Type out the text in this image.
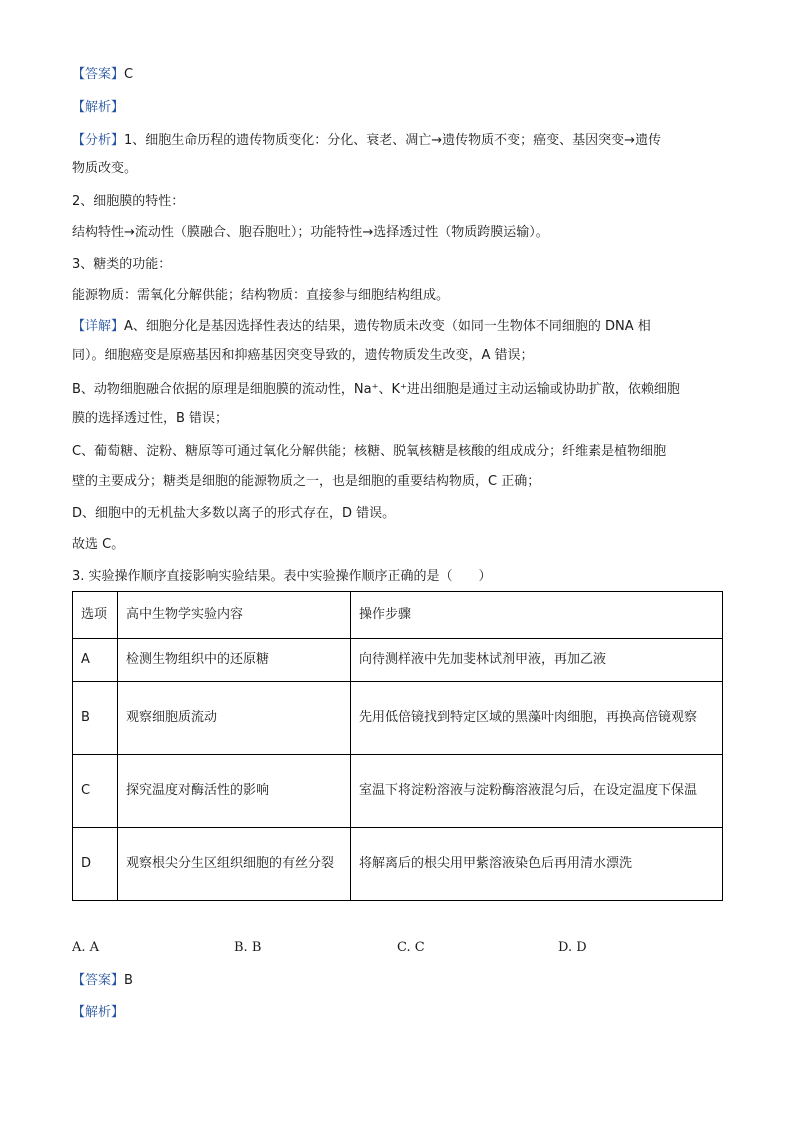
【答案】C
【解析】
【分析】1、细胞生命历程的遗传物质变化：分化、衰老、凋亡→遗传物质不变；癌变、基因突变→遗传
物质改变。
2、细胞膜的特性：
结构特性→流动性（膜融合、胞吞胞吐）；功能特性→选择透过性（物质跨膜运输）。
3、糖类的功能：
能源物质：需氧化分解供能；结构物质：直接参与细胞结构组成。
【详解】A、细胞分化是基因选择性表达的结果，遗传物质未改变（如同一生物体不同细胞的 DNA 相
同）。细胞癌变是原癌基因和抑癌基因突变导致的，遗传物质发生改变，A 错误；
B、动物细胞融合依据的原理是细胞膜的流动性，Na⁺、K⁺进出细胞是通过主动运输或协助扩散，依赖细胞
膜的选择透过性，B 错误；
C、葡萄糖、淀粉、糖原等可通过氧化分解供能；核糖、脱氧核糖是核酸的组成成分；纤维素是植物细胞
壁的主要成分；糖类是细胞的能源物质之一，也是细胞的重要结构物质，C 正确；
D、细胞中的无机盐大多数以离子的形式存在，D 错误。
故选 C。
3. 实验操作顺序直接影响实验结果。表中实验操作顺序正确的是（　　）
选项	高中生物学实验内容	操作步骤
A	检测生物组织中的还原糖	向待测样液中先加斐林试剂甲液，再加乙液
B	观察细胞质流动	先用低倍镜找到特定区域的黑藻叶肉细胞，再换高倍镜观察
C	探究温度对酶活性的影响	室温下将淀粉溶液与淀粉酶溶液混匀后，在设定温度下保温
D	观察根尖分生区组织细胞的有丝分裂	将解离后的根尖用甲紫溶液染色后再用清水漂洗
A. A	B. B	C. C	D. D
【答案】B
【解析】
